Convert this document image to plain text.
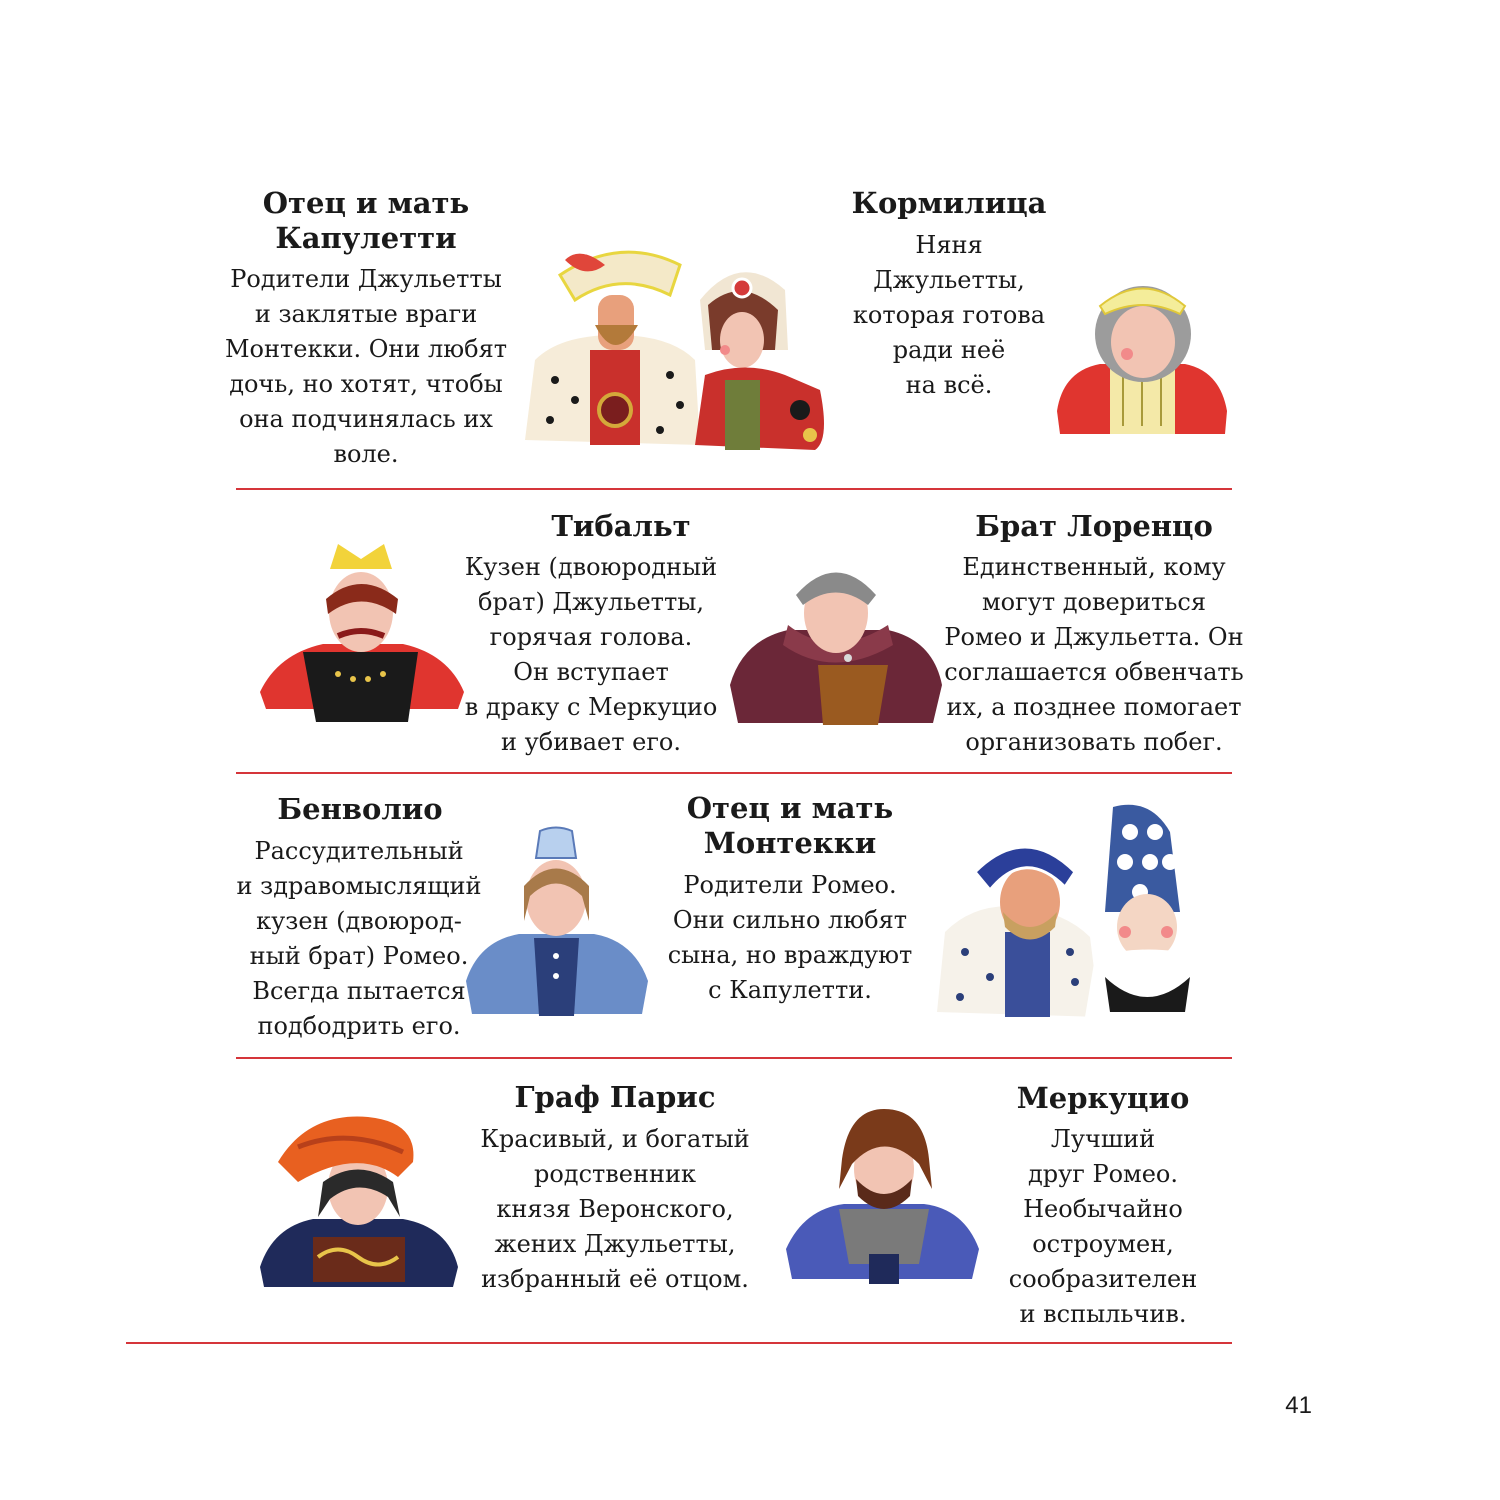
Отец и мать
Капулетти

Родители Джульетты
и заклятые враги
Монтекки. Они любят
дочь, но хотят, чтобы
она подчинялась их
воле.

Кормилица

Няня
Джульетты,
которая готова
ради неё
на всё.

Тибальт

Кузен (двоюродный
брат) Джульетты,
горячая голова.
Он вступает
в драку с Меркуцио
и убивает его.

Брат Лоренцо

Единственный, кому
могут довериться
Ромео и Джульетта. Он
соглашается обвенчать
их, а позднее помогает
организовать побег.

Бенволио

Рассудительный
и здравомыслящий
кузен (двоюрод-
ный брат) Ромео.
Всегда пытается
подбодрить его.

Отец и мать
Монтекки

Родители Ромео.
Они сильно любят
сына, но враждуют
с Капулетти.

Граф Парис

Красивый, и богатый
родственник
князя Веронского,
жених Джульетты,
избранный её отцом.

Меркуцио

Лучший
друг Ромео.
Необычайно
остроумен,
сообразителен
и вспыльчив.

41
